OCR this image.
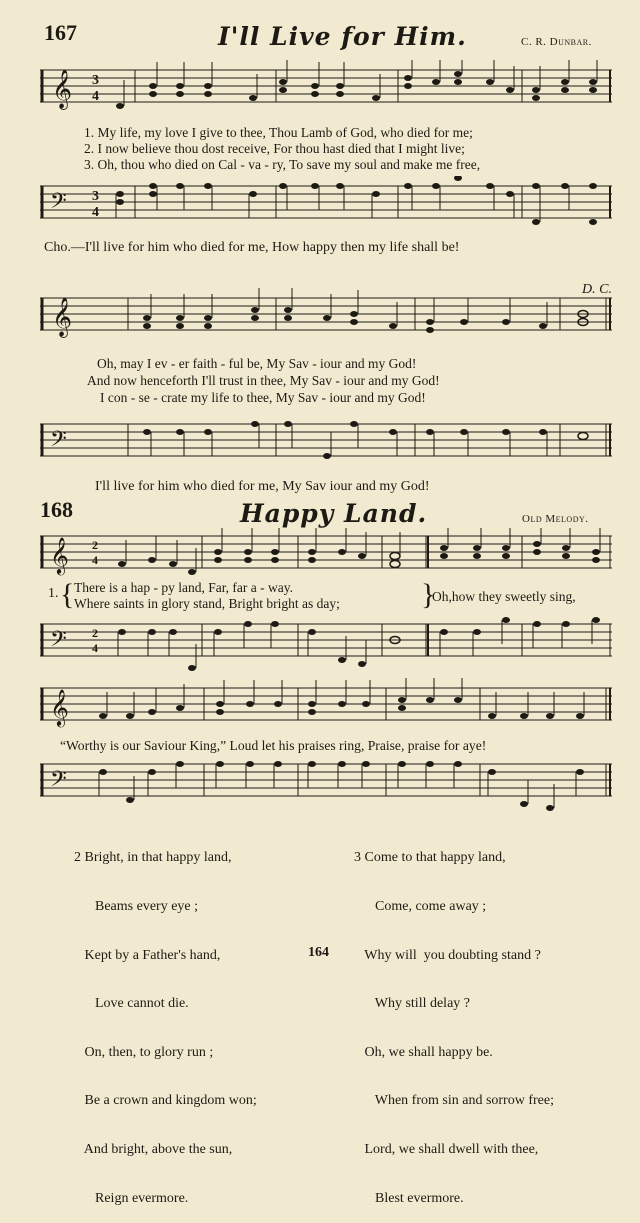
167	I'll Live for Him.	C. R. Dunbar.
𝄞 3
4
1. My life, my love I give to thee, Thou Lamb of God, who died for me;
2. I now believe thou dost receive, For thou hast died that I might live;
3. Oh, thou who died on Cal - va - ry, To save my soul and make me free,
𝄢 3
4
Cho.—I'll live for him who died for me, How happy then my life shall be!
D. C.
𝄞
Oh, may I ev - er faith - ful be, My Sav - iour and my God!
And now henceforth I'll trust in thee, My Sav - iour and my God!
I con - se - crate my life to thee, My Sav - iour and my God!
𝄢
I'll live for him who died for me, My Sav iour and my God!
168	Happy Land.	Old Melody.
𝄞 2
4
1. { There is a hap - py land, Far, far a - way.
Where saints in glory stand, Bright bright as day;	}
Oh,how they sweetly sing,
𝄢 2
4
𝄞
“Worthy is our Saviour King,” Loud let his praises ring, Praise, praise for aye!
𝄢

2 Bright, in that happy land,

Beams every eye ;

Kept by a Father's hand,

Love cannot die.

On, then, to glory run ;

Be a crown and kingdom won;

And bright, above the sun,

Reign evermore.

3 Come to that happy land,

Come, come away ;

Why will  you doubting stand ?

Why still delay ?

Oh, we shall happy be.

When from sin and sorrow free;

Lord, we shall dwell with thee,

Blest evermore.

164
